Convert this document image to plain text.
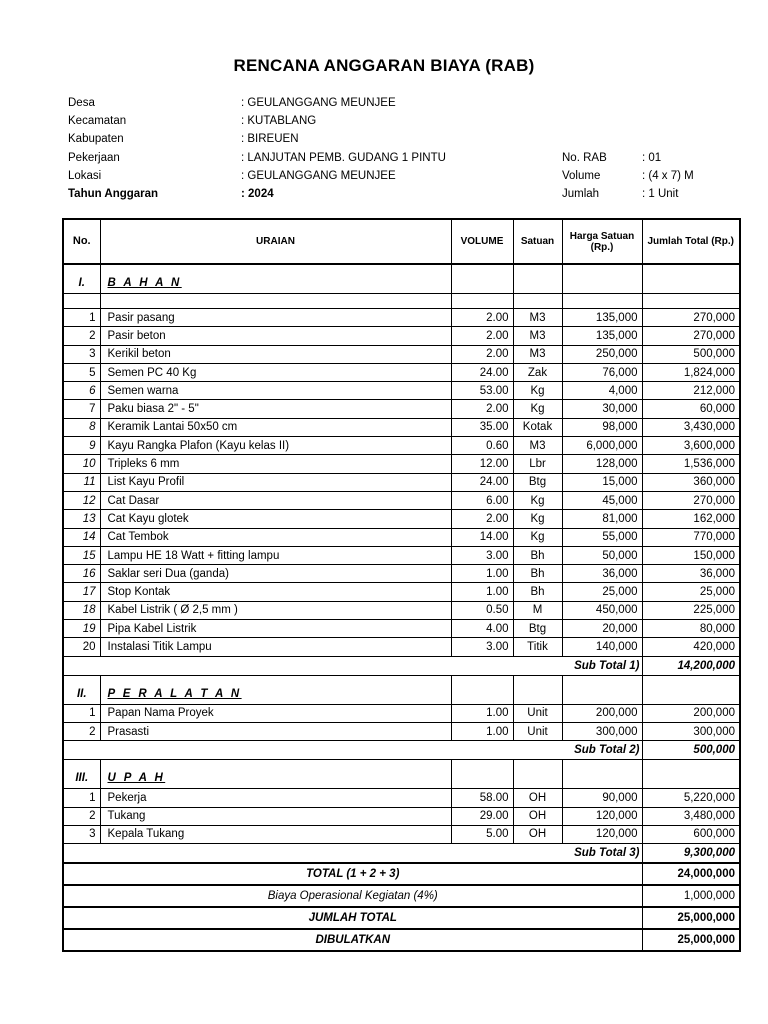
RENCANA ANGGARAN BIAYA (RAB)
Desa	: GEULANGGANG MEUNJEE
Kecamatan	: KUTABLANG
Kabupaten	: BIREUEN
Pekerjaan	: LANJUTAN PEMB. GUDANG 1 PINTU	No. RAB	: 01
Lokasi	: GEULANGGANG MEUNJEE	Volume	: (4 x 7) M
Tahun Anggaran	: 2024	Jumlah	: 1 Unit
No.	URAIAN	VOLUME	Satuan	Harga Satuan (Rp.)	Jumlah Total (Rp.)
I.	B A H A N				

1	Pasir pasang	2.00	M3	135,000	270,000
2	Pasir beton	2.00	M3	135,000	270,000
3	Kerikil beton	2.00	M3	250,000	500,000
5	Semen PC 40 Kg	24.00	Zak	76,000	1,824,000
6	Semen warna	53.00	Kg	4,000	212,000
7	Paku biasa 2" - 5"	2.00	Kg	30,000	60,000
8	Keramik Lantai 50x50 cm	35.00	Kotak	98,000	3,430,000
9	Kayu Rangka Plafon (Kayu kelas II)	0.60	M3	6,000,000	3,600,000
10	Tripleks 6 mm	12.00	Lbr	128,000	1,536,000
11	List Kayu Profil	24.00	Btg	15,000	360,000
12	Cat Dasar	6.00	Kg	45,000	270,000
13	Cat Kayu glotek	2.00	Kg	81,000	162,000
14	Cat Tembok	14.00	Kg	55,000	770,000
15	Lampu HE 18 Watt + fitting lampu	3.00	Bh	50,000	150,000
16	Saklar seri Dua (ganda)	1.00	Bh	36,000	36,000
17	Stop Kontak	1.00	Bh	25,000	25,000
18	Kabel Listrik ( Ø 2,5 mm )	0.50	M	450,000	225,000
19	Pipa Kabel Listrik	4.00	Btg	20,000	80,000
20	Instalasi Titik Lampu	3.00	Titik	140,000	420,000
Sub Total 1)					14,200,000
II.	P E R A L A T A N				
1	Papan Nama Proyek	1.00	Unit	200,000	200,000
2	Prasasti	1.00	Unit	300,000	300,000
Sub Total 2)					500,000
III.	U P A H				
1	Pekerja	58.00	OH	90,000	5,220,000
2	Tukang	29.00	OH	120,000	3,480,000
3	Kepala Tukang	5.00	OH	120,000	600,000
Sub Total 3)					9,300,000
TOTAL (1 + 2 + 3)					24,000,000
Biaya Operasional Kegiatan (4%)					1,000,000
JUMLAH TOTAL					25,000,000
DIBULATKAN					25,000,000
